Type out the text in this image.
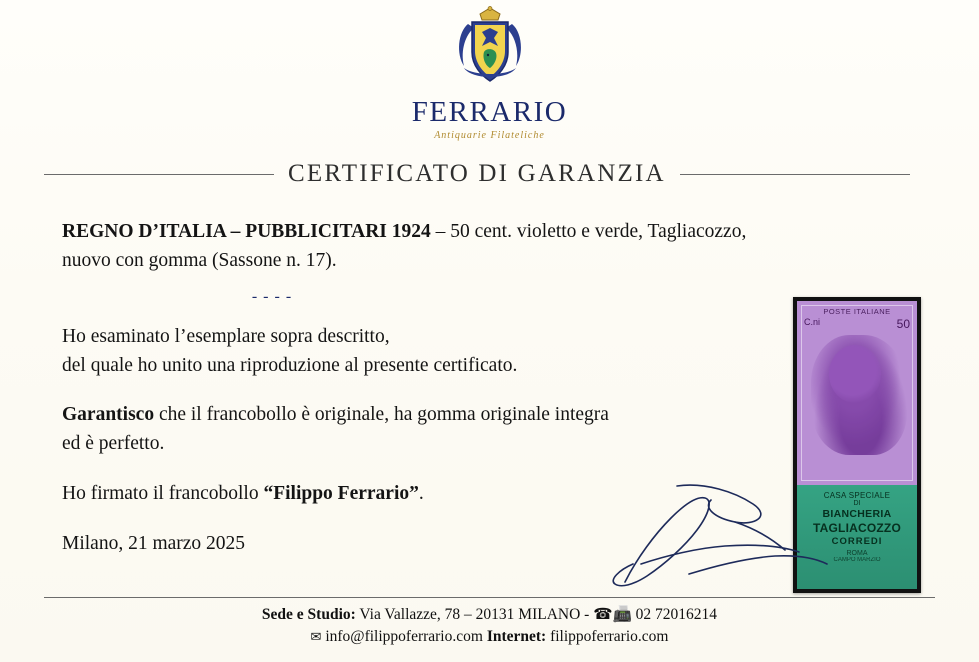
FERRARIO
Antiquarie Filateliche
CERTIFICATO DI GARANZIA
REGNO D’ITALIA – PUBBLICITARI 1924 – 50 cent. violetto e verde, Tagliacozzo,
nuovo con gomma (Sassone n. 17).
- - - -
Ho esaminato l’esemplare sopra descritto,
del quale ho unito una riproduzione al presente certificato.
Garantisco che il francobollo è originale, ha gomma originale integra
ed è perfetto.
Ho firmato il francobollo “Filippo Ferrario”.
Milano, 21 marzo 2025
POSTE ITALIANE
C.ni	50
CASA SPECIALE
DI
BIANCHERIA
TAGLIACOZZO
CORREDI
ROMA
CAMPO MARZIO
Sede e Studio: Via Vallazze, 78 – 20131 MILANO - ☎📠 02 72016214
✉ info@filippoferrario.com Internet: filippoferrario.com
